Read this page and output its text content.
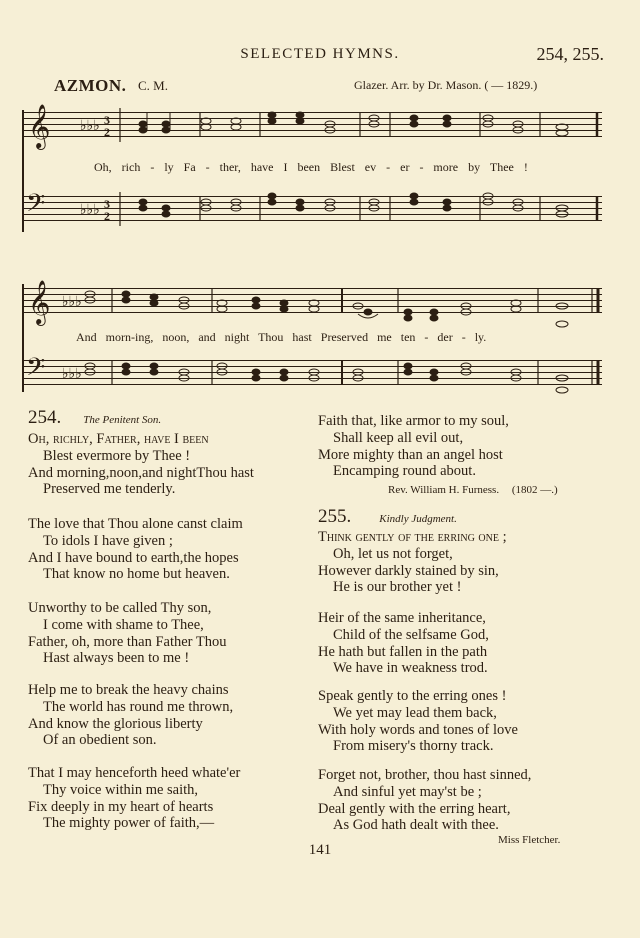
SELECTED HYMNS.	254, 255.
AZMON. C. M.	Glazer. Arr. by Dr. Mason. ( — 1829.)
𝄞
Oh, rich - ly Fa - ther, have I been Blest ev - er - more by Thee !
𝄢
♭♭♭
♭♭♭
3
2
3
2
𝄞
And morn-ing, noon, and night Thou hast Preserved me ten - der - ly.
𝄢
♭♭♭
♭♭♭
254. The Penitent Son.
Oh, richly, Father, have I been
Blest evermore by Thee !
And morning,noon,and nightThou hast
Preserved me tenderly.
The love that Thou alone canst claim
To idols I have given ;
And I have bound to earth,the hopes
That know no home but heaven.
Unworthy to be called Thy son,
I come with shame to Thee,
Father, oh, more than Father Thou
Hast always been to me !
Help me to break the heavy chains
The world has round me thrown,
And know the glorious liberty
Of an obedient son.
That I may henceforth heed whate'er
Thy voice within me saith,
Fix deeply in my heart of hearts
The mighty power of faith,—
Faith that, like armor to my soul,
Shall keep all evil out,
More mighty than an angel host
Encamping round about.
Rev. William H. Furness. (1802 —.)
255.	Kindly Judgment.
Think gently of the erring one ;
Oh, let us not forget,
However darkly stained by sin,
He is our brother yet !
Heir of the same inheritance,
Child of the selfsame God,
He hath but fallen in the path
We have in weakness trod.
Speak gently to the erring ones !
We yet may lead them back,
With holy words and tones of love
From misery's thorny track.
Forget not, brother, thou hast sinned,
And sinful yet may'st be ;
Deal gently with the erring heart,
As God hath dealt with thee.
Miss Fletcher.
141
